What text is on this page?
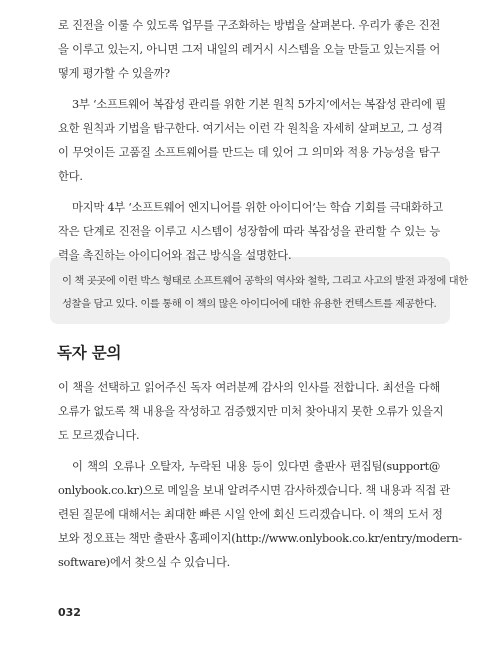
로 진전을 이룰 수 있도록 업무를 구조화하는 방법을 살펴본다. 우리가 좋은 진전
을 이루고 있는지, 아니면 그저 내일의 레거시 시스템을 오늘 만들고 있는지를 어
떻게 평가할 수 있을까?
3부 ‘소프트웨어 복잡성 관리를 위한 기본 원칙 5가지’에서는 복잡성 관리에 필
요한 원칙과 기법을 탐구한다. 여기서는 이런 각 원칙을 자세히 살펴보고, 그 성격
이 무엇이든 고품질 소프트웨어를 만드는 데 있어 그 의미와 적용 가능성을 탐구
한다.
마지막 4부 ‘소프트웨어 엔지니어를 위한 아이디어’는 학습 기회를 극대화하고
작은 단계로 진전을 이루고 시스템이 성장함에 따라 복잡성을 관리할 수 있는 능
이 책 곳곳에 이런 박스 형태로 소프트웨어 공학의 역사와 철학, 그리고 사고의 발전 과정에 대한
성찰을 담고 있다. 이를 통해 이 책의 많은 아이디어에 대한 유용한 컨텍스트를 제공한다.
독자 문의
이 책을 선택하고 읽어주신 독자 여러분께 감사의 인사를 전합니다. 최선을 다해
오류가 없도록 책 내용을 작성하고 검증했지만 미처 찾아내지 못한 오류가 있을지
도 모르겠습니다.
이 책의 오류나 오탈자, 누락된 내용 등이 있다면 출판사 편집팀(support@
onlybook.co.kr)으로 메일을 보내 알려주시면 감사하겠습니다. 책 내용과 직접 관
련된 질문에 대해서는 최대한 빠른 시일 안에 회신 드리겠습니다. 이 책의 도서 정
보와 정오표는 책만 출판사 홈페이지(http://www.onlybook.co.kr/entry/modern-
software)에서 찾으실 수 있습니다.
032
력을 촉진하는 아이디어와 접근 방식을 설명한다.
